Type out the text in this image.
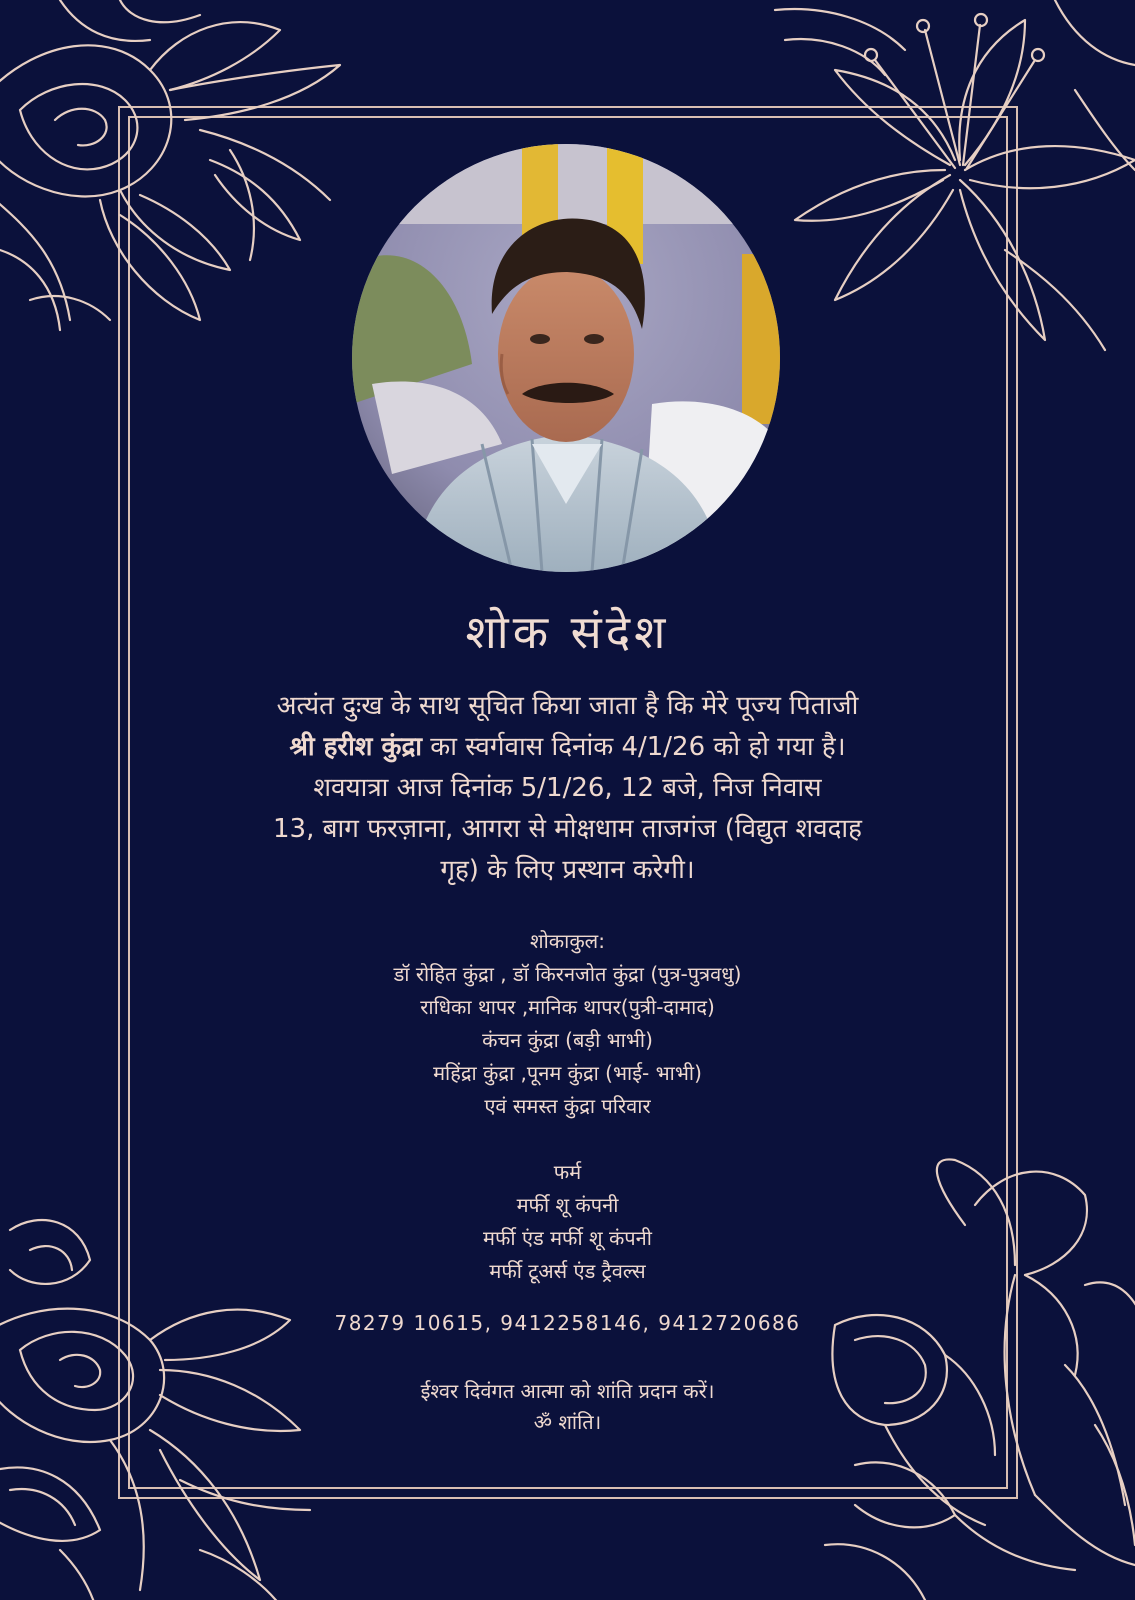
शोक संदेश
अत्यंत दुःख के साथ सूचित किया जाता है कि मेरे पूज्य पिताजी
श्री हरीश कुंद्रा का स्वर्गवास दिनांक 4/1/26 को हो गया है।
शवयात्रा आज दिनांक 5/1/26, 12 बजे, निज निवास
13, बाग फरज़ाना, आगरा से मोक्षधाम ताजगंज (विद्युत शवदाह
गृह) के लिए प्रस्थान करेगी।
शोकाकुल:
डॉ रोहित कुंद्रा , डॉ किरनजोत कुंद्रा (पुत्र-पुत्रवधु)
राधिका थापर ,मानिक थापर(पुत्री-दामाद)
कंचन कुंद्रा (बड़ी भाभी)
महिंद्रा कुंद्रा ,पूनम कुंद्रा (भाई- भाभी)
एवं समस्त कुंद्रा परिवार
फर्म
मर्फी शू कंपनी
मर्फी एंड मर्फी शू कंपनी
मर्फी टूअर्स एंड ट्रैवल्स
78279 10615, 9412258146, 9412720686
ईश्वर दिवंगत आत्मा को शांति प्रदान करें।
ॐ शांति।
